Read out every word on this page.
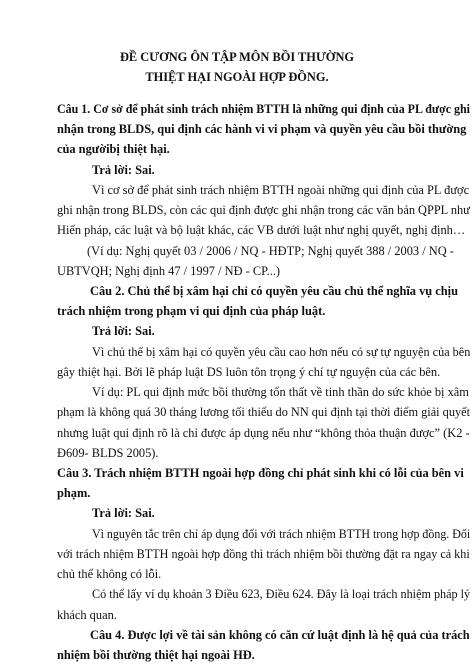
ĐỀ CƯƠNG ÔN TẬP MÔN BỒI THƯỜNG
THIỆT HẠI NGOÀI HỢP ĐỒNG.
Câu 1. Cơ sở để phát sinh trách nhiệm BTTH là những qui định của PL được ghi
nhận trong BLDS, qui định các hành vi vi phạm và quyền yêu cầu bồi thường
của ngườibị thiệt hại.
Trả lời: Sai.
Vì cơ sở để phát sinh trách nhiệm BTTH ngoài những qui định của PL được
ghi nhận trong BLDS, còn các qui định được ghi nhận trong các văn bản QPPL như
Hiến pháp, các luật và bộ luật khác, các VB dưới luật như nghị quyết, nghị định…
(Ví dụ: Nghị quyết 03 / 2006 / NQ - HĐTP; Nghị quyết 388 / 2003 / NQ -
UBTVQH; Nghị định 47 / 1997 / NĐ - CP...)
Câu 2. Chủ thể bị xâm hại chỉ có quyền yêu cầu chủ thể nghĩa vụ chịu
trách nhiệm trong phạm vi qui định của pháp luật.
Trả lời: Sai.
Vì chủ thể bị xâm hại có quyền yêu cầu cao hơn nếu có sự tự nguyện của bên
gây thiệt hại. Bởi lẽ pháp luật DS luôn tôn trọng ý chí tự nguyện của các bên.
Ví dụ: PL qui định mức bồi thường tổn thất về tinh thần do sức khỏe bị xâm
phạm là không quá 30 tháng lương tối thiểu do NN qui định tại thời điểm giải quyết
nhưng luật qui định rõ là chỉ được áp dụng nếu như “không thỏa thuận được” (K2 -
Đ609- BLDS 2005).
Câu 3. Trách nhiệm BTTH ngoài hợp đồng chỉ phát sinh khi có lỗi của bên vi
phạm.
Trả lời: Sai.
Vì nguyên tắc trên chỉ áp dụng đối với trách nhiệm BTTH trong hợp đồng. Đối
với trách nhiệm BTTH ngoài hợp đồng thì trách nhiệm bồi thường đặt ra ngay cả khi
chủ thể không có lỗi.
Có thể lấy ví dụ khoản 3 Điều 623, Điều 624. Đây là loại trách nhiệm pháp lý
khách quan.
Câu 4. Được lợi về tài sản không có căn cứ luật định là hệ quả của trách
nhiệm bồi thường thiệt hại ngoài HĐ.
